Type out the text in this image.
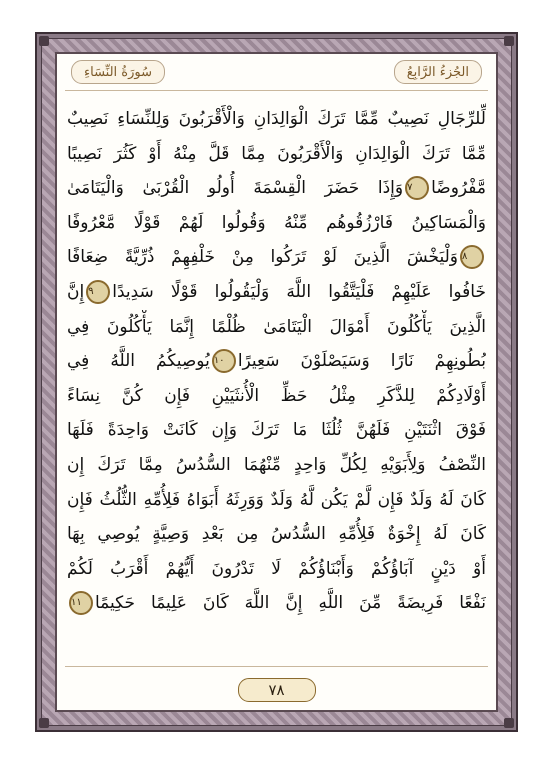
سُورَةُ النِّسَاءِ	الجُزءُ الرَّابِعُ
لِّلرِّجَالِ نَصِيبٌ مِّمَّا تَرَكَ الْوَالِدَانِ وَالْأَقْرَبُونَ وَلِلنِّسَاءِ نَصِيبٌ
مِّمَّا تَرَكَ الْوَالِدَانِ وَالْأَقْرَبُونَ مِمَّا قَلَّ مِنْهُ أَوْ كَثُرَ نَصِيبًا
مَّفْرُوضًا٧وَإِذَا حَضَرَ الْقِسْمَةَ أُولُو الْقُرْبَىٰ وَالْيَتَامَىٰ
وَالْمَسَاكِينُ فَارْزُقُوهُم مِّنْهُ وَقُولُوا لَهُمْ قَوْلًا مَّعْرُوفًا
٨وَلْيَخْشَ الَّذِينَ لَوْ تَرَكُوا مِنْ خَلْفِهِمْ ذُرِّيَّةً ضِعَافًا
خَافُوا عَلَيْهِمْ فَلْيَتَّقُوا اللَّهَ وَلْيَقُولُوا قَوْلًا سَدِيدًا٩إِنَّ
الَّذِينَ يَأْكُلُونَ أَمْوَالَ الْيَتَامَىٰ ظُلْمًا إِنَّمَا يَأْكُلُونَ فِي
بُطُونِهِمْ نَارًا وَسَيَصْلَوْنَ سَعِيرًا١٠يُوصِيكُمُ اللَّهُ فِي
أَوْلَادِكُمْ لِلذَّكَرِ مِثْلُ حَظِّ الْأُنثَيَيْنِ فَإِن كُنَّ نِسَاءً
فَوْقَ اثْنَتَيْنِ فَلَهُنَّ ثُلُثَا مَا تَرَكَ وَإِن كَانَتْ وَاحِدَةً فَلَهَا
النِّصْفُ وَلِأَبَوَيْهِ لِكُلِّ وَاحِدٍ مِّنْهُمَا السُّدُسُ مِمَّا تَرَكَ إِن
كَانَ لَهُ وَلَدٌ فَإِن لَّمْ يَكُن لَّهُ وَلَدٌ وَوَرِثَهُ أَبَوَاهُ فَلِأُمِّهِ الثُّلُثُ فَإِن
كَانَ لَهُ إِخْوَةٌ فَلِأُمِّهِ السُّدُسُ مِن بَعْدِ وَصِيَّةٍ يُوصِي بِهَا
أَوْ دَيْنٍ آبَاؤُكُمْ وَأَبْنَاؤُكُمْ لَا تَدْرُونَ أَيُّهُمْ أَقْرَبُ لَكُمْ
نَفْعًا فَرِيضَةً مِّنَ اللَّهِ إِنَّ اللَّهَ كَانَ عَلِيمًا حَكِيمًا١١
٧٨
